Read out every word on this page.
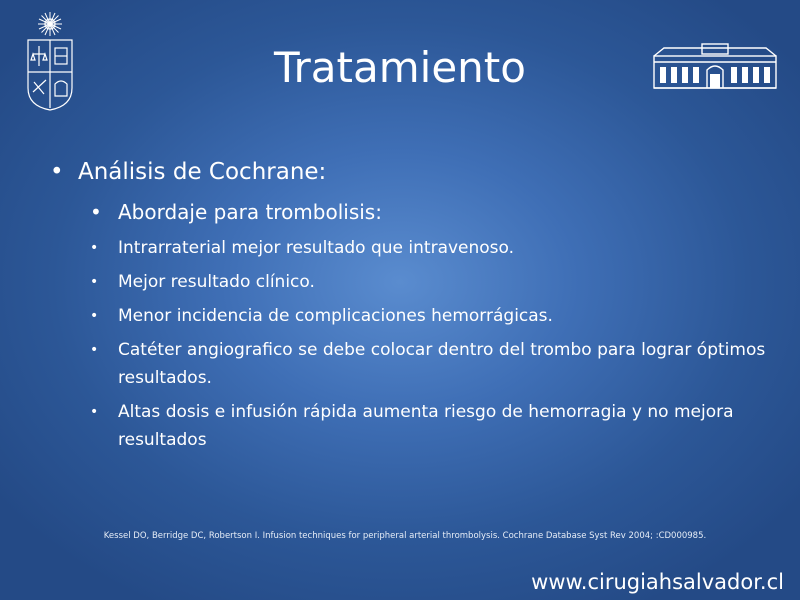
Tratamiento
• Análisis de Cochrane:
• Abordaje para trombolisis:
• Intrarraterial mejor resultado que intravenoso.
• Mejor resultado clínico.
• Menor incidencia de complicaciones hemorrágicas.
• Catéter angiografico se debe colocar dentro del trombo para lograr óptimos resultados.
• Altas dosis e infusión rápida aumenta riesgo de hemorragia y no mejora resultados
Kessel DO, Berridge DC, Robertson I. Infusion techniques for peripheral arterial thrombolysis. Cochrane Database Syst Rev 2004; :CD000985.
www.cirugiahsalvador.cl
